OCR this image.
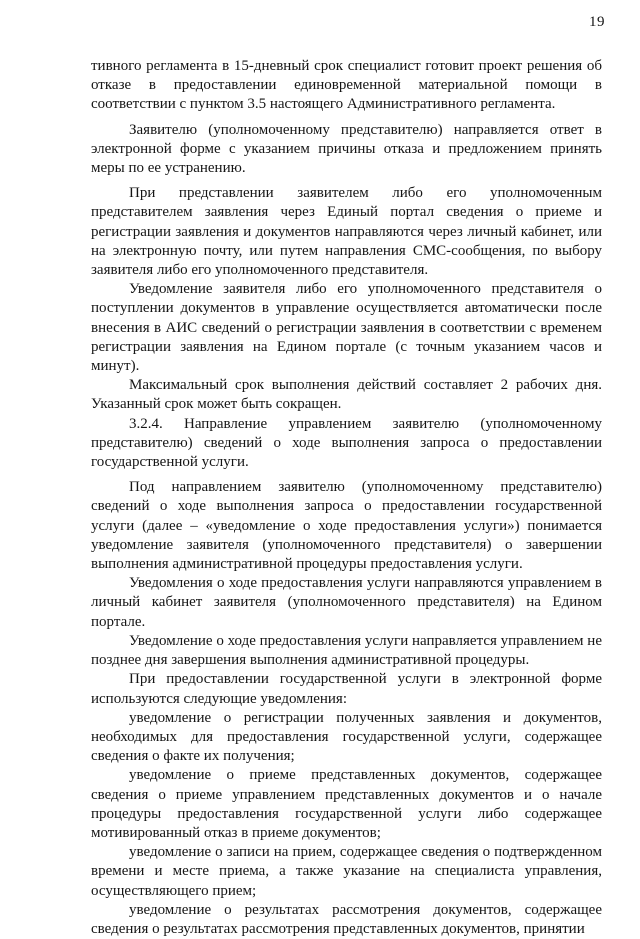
19

тивного регламента в 15-дневный срок специалист готовит проект решения об отказе в предоставлении единовременной материальной помощи в соответствии с пунктом 3.5 настоящего Административного регламента.

Заявителю (уполномоченному представителю) направляется ответ в электронной форме с указанием причины отказа и предложением принять меры по ее устранению.

При представлении заявителем либо его уполномоченным представителем заявления через Единый портал сведения о приеме и регистрации заявления и документов направляются через личный кабинет, или на электронную почту, или путем направления СМС-сообщения, по выбору заявителя либо его уполномоченного представителя.

Уведомление заявителя либо его уполномоченного представителя о поступлении документов в управление осуществляется автоматически после внесения в АИС сведений о регистрации заявления в соответствии с временем регистрации заявления на Едином портале (с точным указанием часов и минут).

Максимальный срок выполнения действий составляет 2 рабочих дня. Указанный срок может быть сокращен.

3.2.4. Направление управлением заявителю (уполномоченному представителю) сведений о ходе выполнения запроса о предоставлении государственной услуги.

Под направлением заявителю (уполномоченному представителю) сведений о ходе выполнения запроса о предоставлении государственной услуги (далее – «уведомление о ходе предоставления услуги») понимается уведомление заявителя (уполномоченного представителя) о завершении выполнения административной процедуры предоставления услуги.

Уведомления о ходе предоставления услуги направляются управлением в личный кабинет заявителя (уполномоченного представителя) на Едином портале.

Уведомление о ходе предоставления услуги направляется управлением не позднее дня завершения выполнения административной процедуры.

При предоставлении государственной услуги в электронной форме используются следующие уведомления:

уведомление о регистрации полученных заявления и документов, необходимых для предоставления государственной услуги, содержащее сведения о факте их получения;

уведомление о приеме представленных документов, содержащее сведения о приеме управлением представленных документов и о начале процедуры предоставления государственной услуги либо содержащее мотивированный отказ в приеме документов;

уведомление о записи на прием, содержащее сведения о подтвержденном времени и месте приема, а также указание на специалиста управления, осуществляющего прием;

уведомление о результатах рассмотрения документов, содержащее сведения о результатах рассмотрения представленных документов, принятии
